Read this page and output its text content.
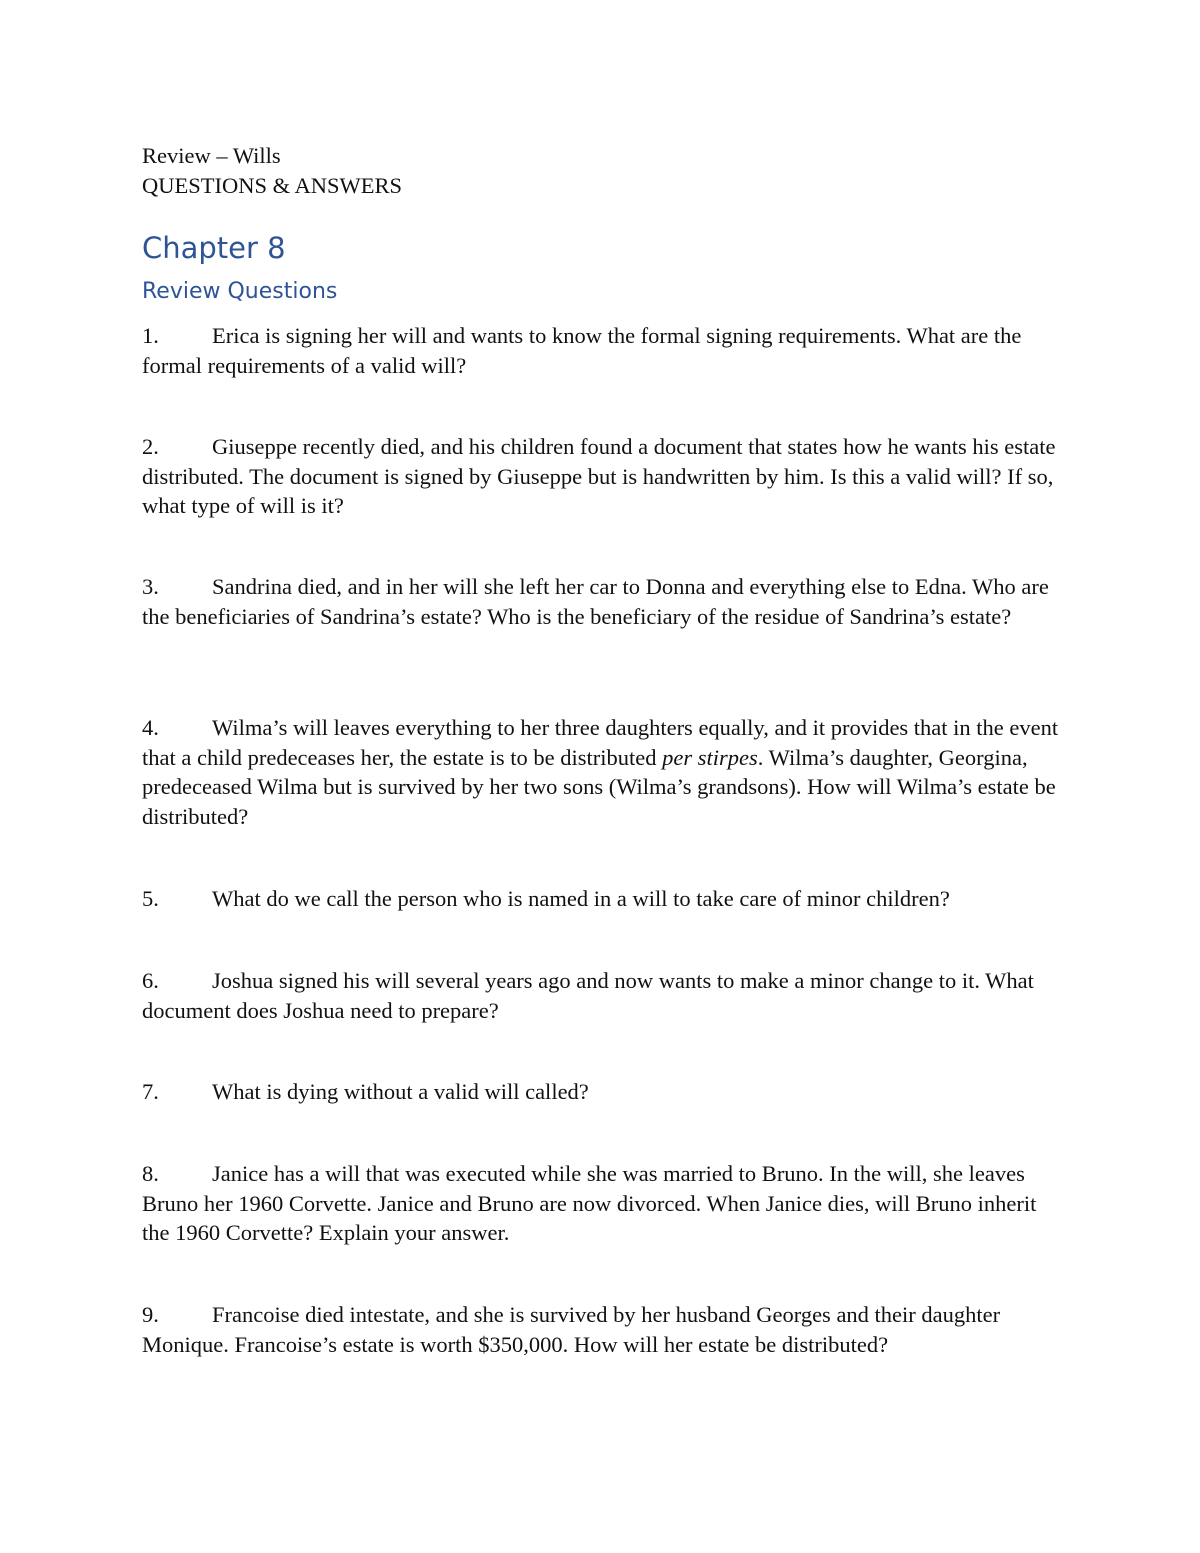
Review – Wills

QUESTIONS & ANSWERS

Chapter 8
Review Questions

1. Erica is signing her will and wants to know the formal signing requirements. What are the formal requirements of a valid will?

2. Giuseppe recently died, and his children found a document that states how he wants his estate distributed. The document is signed by Giuseppe but is handwritten by him. Is this a valid will? If so, what type of will is it?

3. Sandrina died, and in her will she left her car to Donna and everything else to Edna. Who are the beneficiaries of Sandrina’s estate? Who is the beneficiary of the residue of Sandrina’s estate?

4. Wilma’s will leaves everything to her three daughters equally, and it provides that in the event that a child predeceases her, the estate is to be distributed per stirpes. Wilma’s daughter, Georgina, predeceased Wilma but is survived by her two sons (Wilma’s grandsons). How will Wilma’s estate be distributed?

5. What do we call the person who is named in a will to take care of minor children?

6. Joshua signed his will several years ago and now wants to make a minor change to it. What document does Joshua need to prepare?

7. What is dying without a valid will called?

8. Janice has a will that was executed while she was married to Bruno. In the will, she leaves Bruno her 1960 Corvette. Janice and Bruno are now divorced. When Janice dies, will Bruno inherit the 1960 Corvette? Explain your answer.

9. Francoise died intestate, and she is survived by her husband Georges and their daughter Monique. Francoise’s estate is worth $350,000. How will her estate be distributed?
